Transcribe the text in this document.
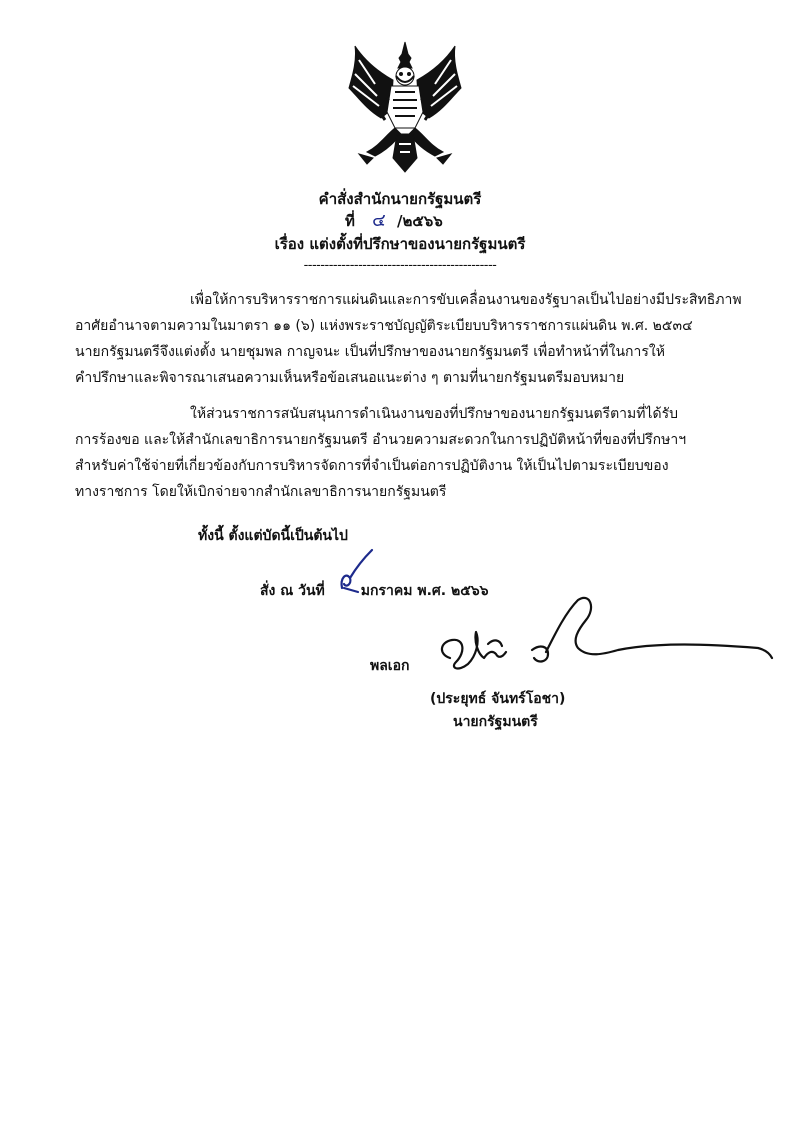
คำสั่งสำนักนายกรัฐมนตรี
ที่ ๔ /๒๕๖๖
เรื่อง แต่งตั้งที่ปรึกษาของนายกรัฐมนตรี
----------------------------------------------
เพื่อให้การบริหารราชการแผ่นดินและการขับเคลื่อนงานของรัฐบาลเป็นไปอย่างมีประสิทธิภาพ
อาศัยอำนาจตามความในมาตรา ๑๑ (๖) แห่งพระราชบัญญัติระเบียบบริหารราชการแผ่นดิน พ.ศ. ๒๕๓๔
นายกรัฐมนตรีจึงแต่งตั้ง นายชุมพล กาญจนะ เป็นที่ปรึกษาของนายกรัฐมนตรี เพื่อทำหน้าที่ในการให้
คำปรึกษาและพิจารณาเสนอความเห็นหรือข้อเสนอแนะต่าง ๆ ตามที่นายกรัฐมนตรีมอบหมาย
ให้ส่วนราชการสนับสนุนการดำเนินงานของที่ปรึกษาของนายกรัฐมนตรีตามที่ได้รับ
การร้องขอ และให้สำนักเลขาธิการนายกรัฐมนตรี อำนวยความสะดวกในการปฏิบัติหน้าที่ของที่ปรึกษาฯ
สำหรับค่าใช้จ่ายที่เกี่ยวข้องกับการบริหารจัดการที่จำเป็นต่อการปฏิบัติงาน ให้เป็นไปตามระเบียบของ
ทางราชการ โดยให้เบิกจ่ายจากสำนักเลขาธิการนายกรัฐมนตรี
ทั้งนี้ ตั้งแต่บัดนี้เป็นต้นไป
สั่ง ณ วันที่	มกราคม พ.ศ. ๒๕๖๖
พลเอก
(ประยุทธ์ จันทร์โอชา)
นายกรัฐมนตรี
